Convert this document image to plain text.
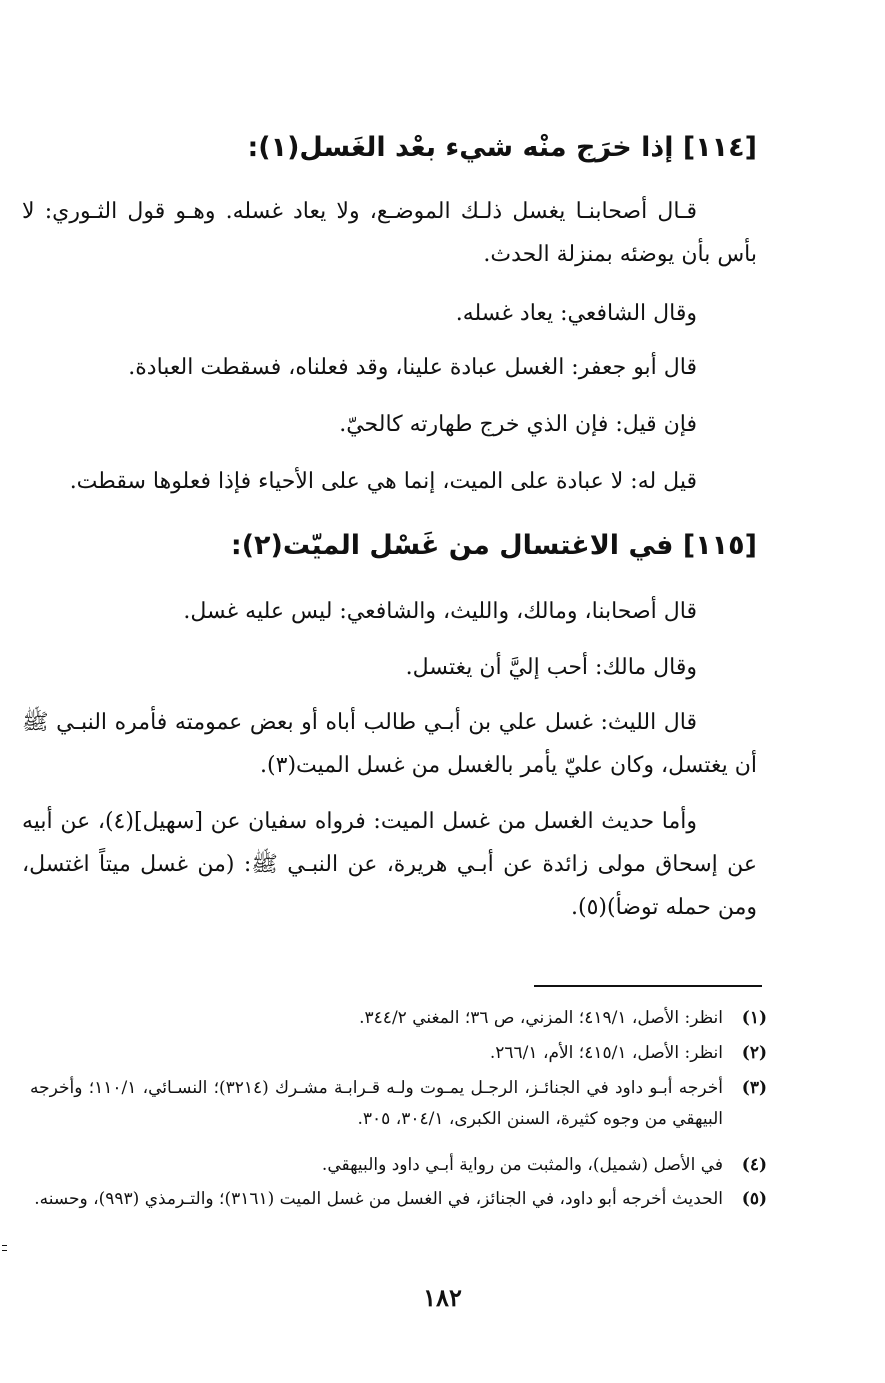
[١١٤] إذا خرَج منْه شيء بعْد الغَسل(١):
قـال أصحابنـا يغسل ذلـك الموضـع، ولا يعاد غسله. وهـو قول الثـوري: لا بأس بأن يوضئه بمنزلة الحدث.
وقال الشافعي: يعاد غسله.
قال أبو جعفر: الغسل عبادة علينا، وقد فعلناه، فسقطت العبادة.
فإن قيل: فإن الذي خرج طهارته كالحيّ.
قيل له: لا عبادة على الميت، إنما هي على الأحياء فإذا فعلوها سقطت.
[١١٥] في الاغتسال من غَسْل الميّت(٢):
قال أصحابنا، ومالك، والليث، والشافعي: ليس عليه غسل.
وقال مالك: أحب إليَّ أن يغتسل.
قال الليث: غسل علي بن أبـي طالب أباه أو بعض عمومته فأمره النبـي ﷺ أن يغتسل، وكان عليّ يأمر بالغسل من غسل الميت(٣).
وأما حديث الغسل من غسل الميت: فرواه سفيان عن [سهيل](٤)، عن أبيه عن إسحاق مولى زائدة عن أبـي هريرة، عن النبـي ﷺ: (من غسل ميتاً اغتسل، ومن حمله توضأ)(٥).
(١)
انظر: الأصل، ٤١٩/١؛ المزني، ص ٣٦؛ المغني ٣٤٤/٢.
(٢)
انظر: الأصل، ٤١٥/١؛ الأم، ٢٦٦/١.
(٣)
أخرجه أبـو داود في الجنائـز، الرجـل يمـوت ولـه قـرابـة مشـرك (٣٢١٤)؛ النسـائي، ١١٠/١؛ وأخرجه البيهقي من وجوه كثيرة، السنن الكبرى، ٣٠٤/١، ٣٠٥.
(٤)
في الأصل (شميل)، والمثبت من رواية أبـي داود والبيهقي.
(٥)
الحديث أخرجه أبو داود، في الجنائز، في الغسل من غسل الميت (٣١٦١)؛ والتـرمذي (٩٩٣)، وحسنه.
١٨٢
